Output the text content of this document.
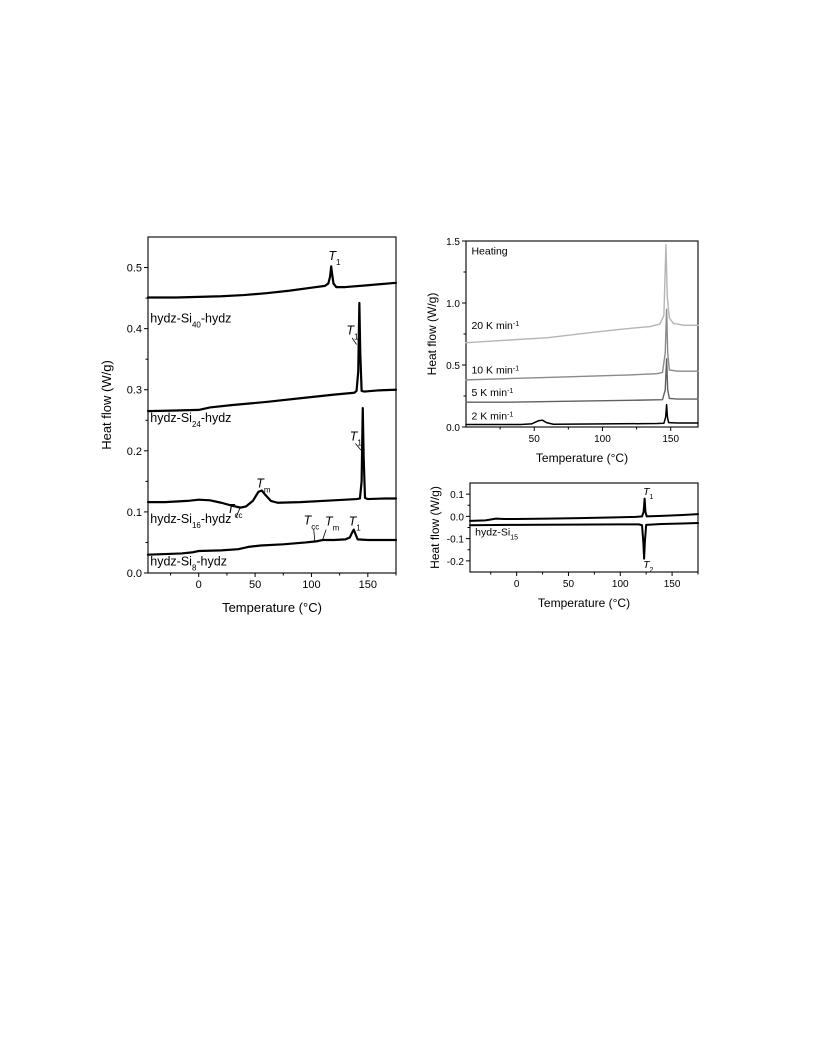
0	50	100	150
0.0
0.1
0.2
0.3
0.4
0.5
Temperature (°C)
Heat flow (W/g)
hydz-$Si_{40}$-hydz
hydz-$Si_{24}$-hydz
hydz-$Si_{16}$-hydz
hydz-$Si_8$-hydz
$T_1$
$T_1$
$T_1$
$T_{cc}$
$T_m$
$T_{cc}$ $T_m$ $T_1$
50	100	150
0.0
0.5
1.0
1.5
Temperature (°C)
Heat flow (W/g)	20 K $\min^{-1}$
10 K $\min^{-1}$
5 K $\min^{-1}$
2 K $\min^{-1}$
Heating
0	50	100	150
-0.2
-0.1
0.0
0.1
Temperature (°C)
Heat flow (W/g)	hydz-$Si_{15}$
$T_1$
$T_2$
